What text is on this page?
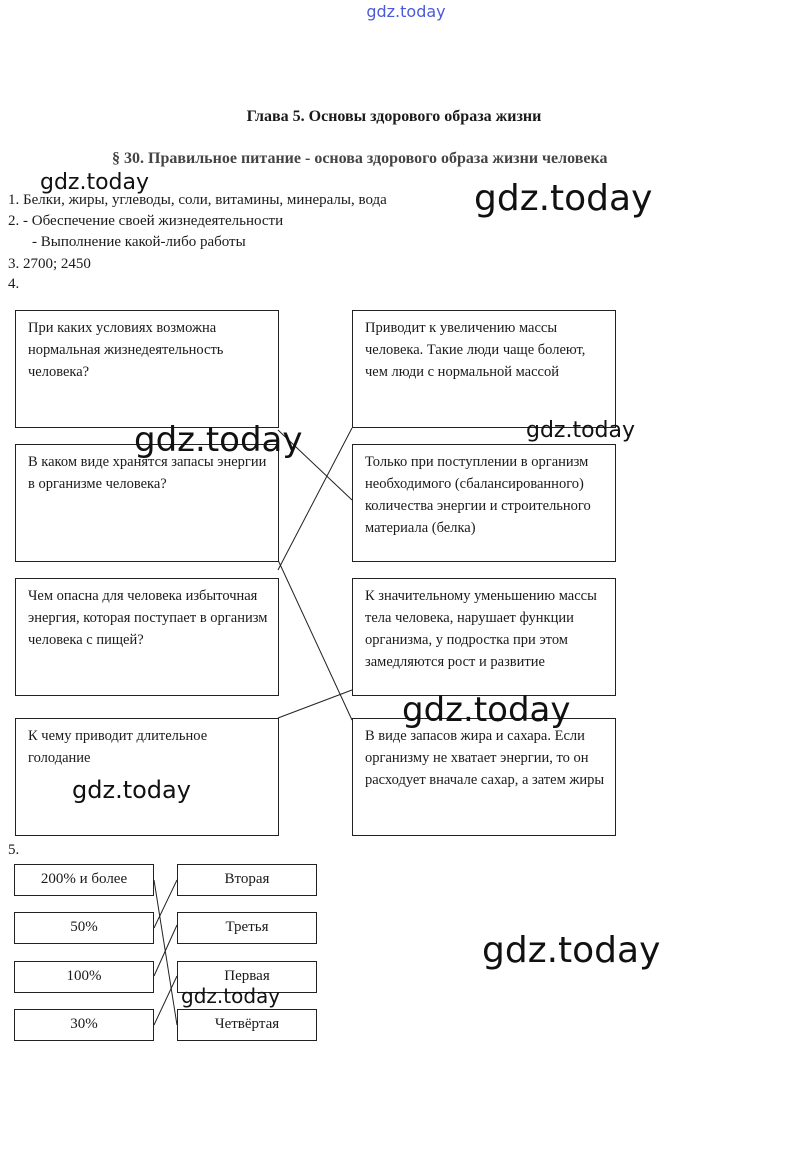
gdz.today
Глава 5. Основы здорового образа жизни
§ 30. Правильное питание - основа здорового образа жизни человека
1. Белки, жиры, углеводы, соли, витамины, минералы, вода
2. - Обеспечение своей жизнедеятельности
- Выполнение какой-либо работы
3. 2700; 2450
4.
При каких условиях возможна нормальная жизнедеятельность человека?
В каком виде хранятся запасы энергии в организме человека?
Чем опасна для человека избыточная энергия, которая поступает в организм человека с пищей?
К чему приводит длительное голодание
Приводит к увеличению массы человека. Такие люди чаще болеют, чем люди с нормальной массой
Только при поступлении в организм необходимого (сбалансированного) количества энергии и строительного материала (белка)
К значительному уменьшению массы тела человека, нарушает функции организма, у подростка при этом замедляются рост и развитие
В виде запасов жира и сахара. Если организму не хватает энергии, то он расходует вначале сахар, а затем жиры
5.
200% и более
50%
100%
30%
Вторая
Третья
Первая
Четвёртая
gdz.today	gdz.today
gdz.today	gdz.today
gdz.today
gdz.today
gdz.today
gdz.today
